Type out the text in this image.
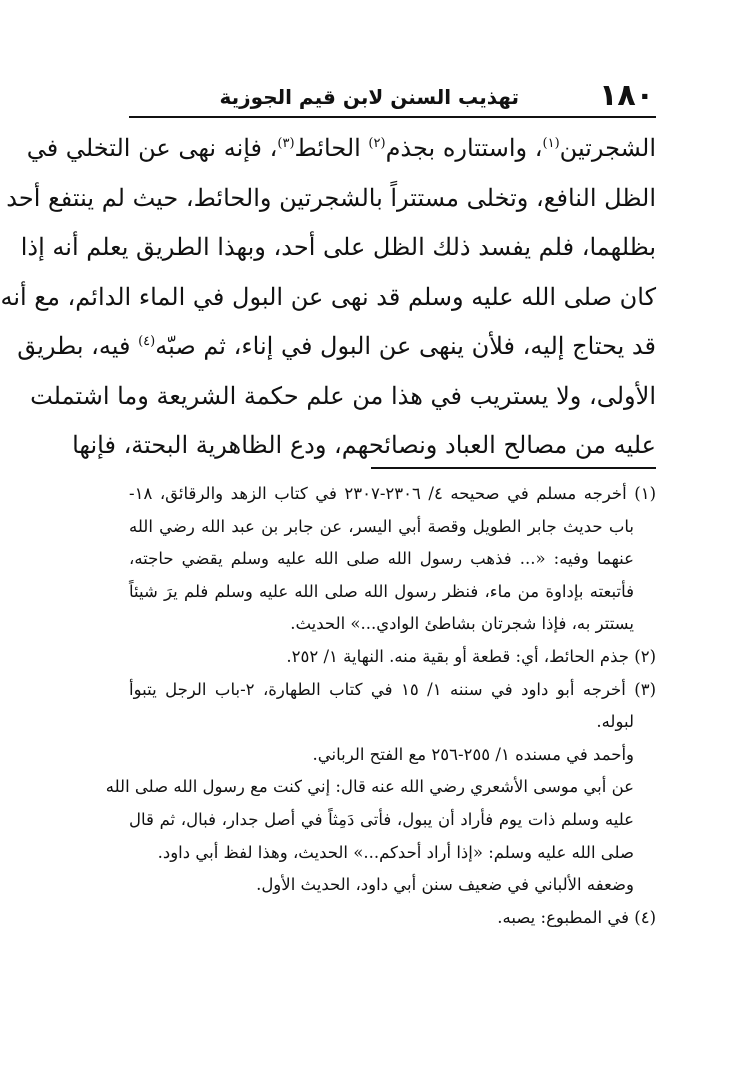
١٨٠
تهذيب السنن لابن قيم الجوزية
الشجرتين$^{(١)}$، واستتاره بجذم$^{(٢)}$ الحائط$^{(٣)}$، فإنه نهى عن التخلي في
الظل النافع، وتخلى مستتراً بالشجرتين والحائط، حيث لم ينتفع أحد
بظلهما، فلم يفسد ذلك الظل على أحد، وبهذا الطريق يعلم أنه إذا
كان صلى الله عليه وسلم قد نهى عن البول في الماء الدائم، مع أنه
قد يحتاج إليه، فلأن ينهى عن البول في إناء، ثم صبّه$^{(٤)}$ فيه، بطريق
الأولى، ولا يستريب في هذا من علم حكمة الشريعة وما اشتملت
عليه من مصالح العباد ونصائحهم، ودع الظاهرية البحتة، فإنها
(١) أخرجه مسلم في صحيحه ٤/ ٢٣٠٦-٢٣٠٧ في كتاب الزهد والرقائق، ١٨-
باب حديث جابر الطويل وقصة أبي اليسر، عن جابر بن عبد الله رضي الله
عنهما وفيه: «... فذهب رسول الله صلى الله عليه وسلم يقضي حاجته،
فأتبعته بإداوة من ماء، فنظر رسول الله صلى الله عليه وسلم فلم يرَ شيئاً
يستتر به، فإذا شجرتان بشاطئ الوادي...» الحديث.
(٢) جذم الحائط، أي: قطعة أو بقية منه. النهاية ١/ ٢٥٢.
(٣) أخرجه أبو داود في سننه ١/ ١٥ في كتاب الطهارة، ٢-باب الرجل يتبوأ
لبوله.
وأحمد في مسنده ١/ ٢٥٥-٢٥٦ مع الفتح الرباني.
عن أبي موسى الأشعري رضي الله عنه قال: إني كنت مع رسول الله صلى الله
عليه وسلم ذات يوم فأراد أن يبول، فأتى دَمِثاً في أصل جدار، فبال، ثم قال
صلى الله عليه وسلم: «إذا أراد أحدكم...» الحديث، وهذا لفظ أبي داود.
وضعفه الألباني في ضعيف سنن أبي داود، الحديث الأول.
(٤) في المطبوع: يصبه.
